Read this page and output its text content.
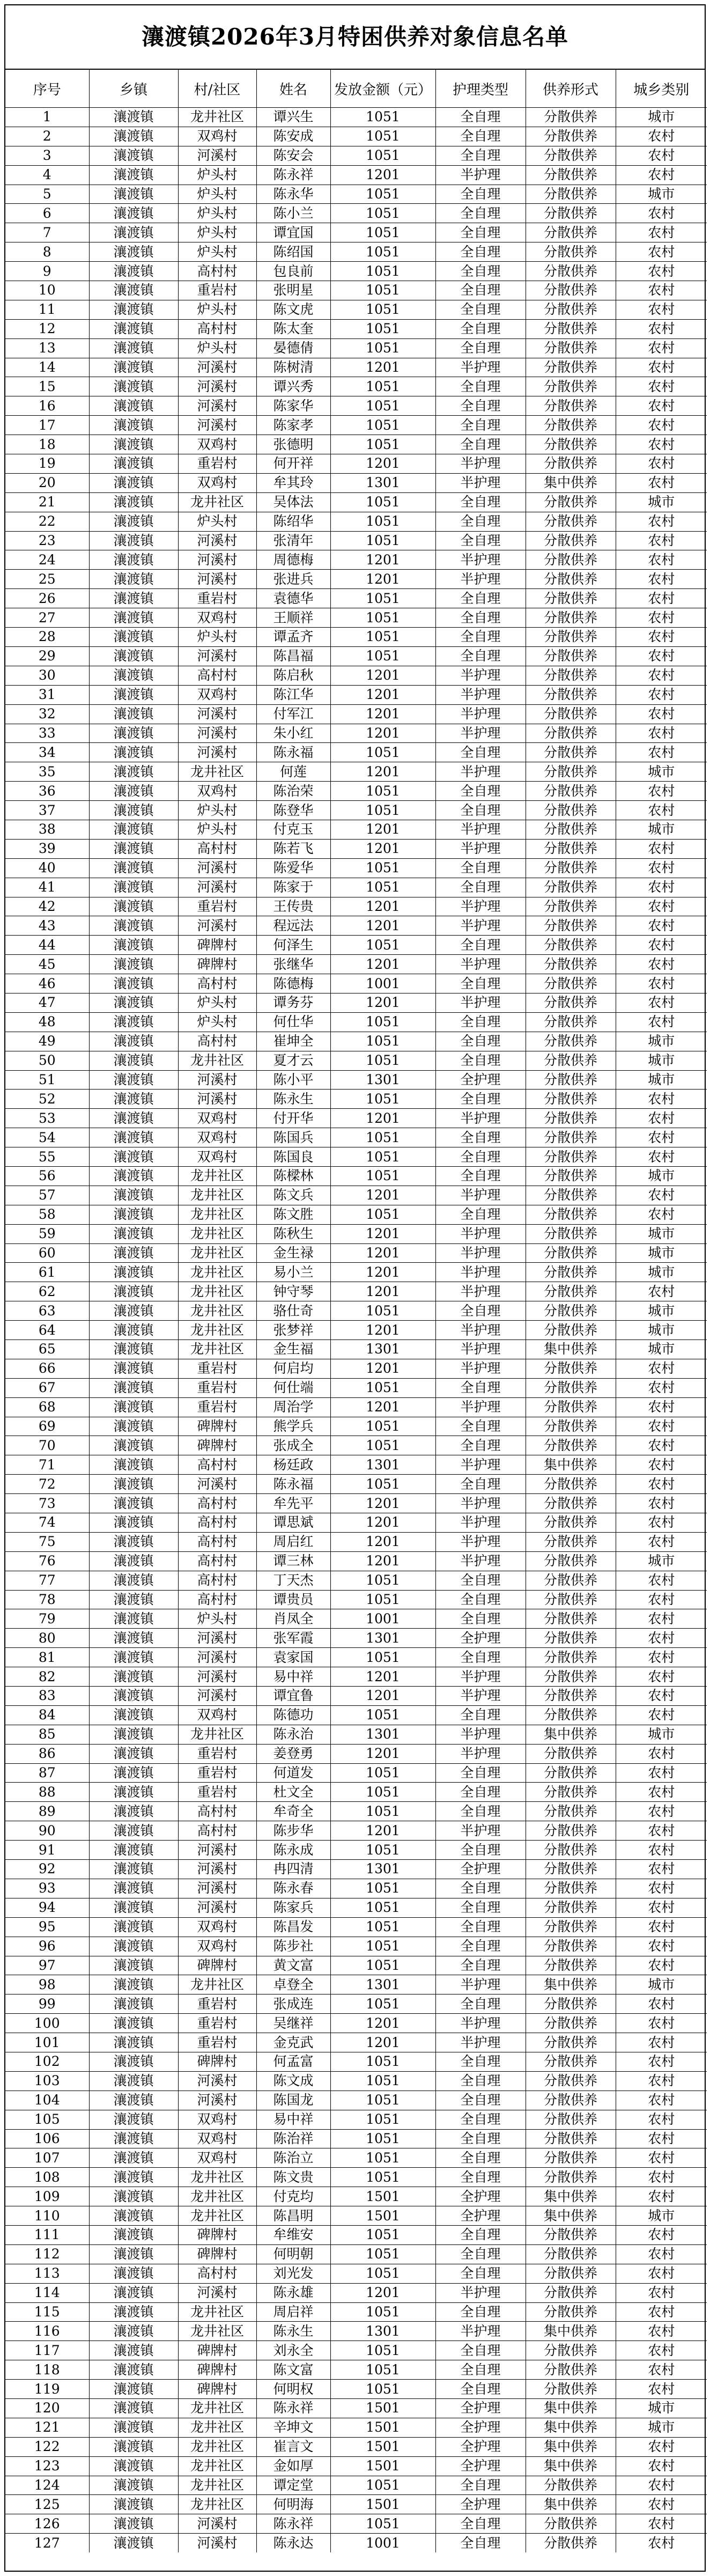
瀼渡镇2026年3月特困供养对象信息名单
序号	乡镇	村/社区	姓名	发放金额（元）	护理类型	供养形式	城乡类别
1	瀼渡镇	龙井社区	谭兴生	1051	全自理	分散供养	城市
2	瀼渡镇	双鸡村	陈安成	1051	全自理	分散供养	农村
3	瀼渡镇	河溪村	陈安会	1051	全自理	分散供养	农村
4	瀼渡镇	炉头村	陈永祥	1201	半护理	分散供养	农村
5	瀼渡镇	炉头村	陈永华	1051	全自理	分散供养	城市
6	瀼渡镇	炉头村	陈小兰	1051	全自理	分散供养	农村
7	瀼渡镇	炉头村	谭宜国	1051	全自理	分散供养	农村
8	瀼渡镇	炉头村	陈绍国	1051	全自理	分散供养	农村
9	瀼渡镇	高村村	包良前	1051	全自理	分散供养	农村
10	瀼渡镇	重岩村	张明星	1051	全自理	分散供养	农村
11	瀼渡镇	炉头村	陈文虎	1051	全自理	分散供养	农村
12	瀼渡镇	高村村	陈太奎	1051	全自理	分散供养	农村
13	瀼渡镇	炉头村	晏德倩	1051	全自理	分散供养	农村
14	瀼渡镇	河溪村	陈树清	1201	半护理	分散供养	农村
15	瀼渡镇	河溪村	谭兴秀	1051	全自理	分散供养	农村
16	瀼渡镇	河溪村	陈家华	1051	全自理	分散供养	农村
17	瀼渡镇	河溪村	陈家孝	1051	全自理	分散供养	农村
18	瀼渡镇	双鸡村	张德明	1051	全自理	分散供养	农村
19	瀼渡镇	重岩村	何开祥	1201	半护理	分散供养	农村
20	瀼渡镇	双鸡村	牟其玲	1301	半护理	集中供养	农村
21	瀼渡镇	龙井社区	吴体法	1051	全自理	分散供养	城市
22	瀼渡镇	炉头村	陈绍华	1051	全自理	分散供养	农村
23	瀼渡镇	河溪村	张清年	1051	全自理	分散供养	农村
24	瀼渡镇	河溪村	周德梅	1201	半护理	分散供养	农村
25	瀼渡镇	河溪村	张进兵	1201	半护理	分散供养	农村
26	瀼渡镇	重岩村	袁德华	1051	全自理	分散供养	农村
27	瀼渡镇	双鸡村	王顺祥	1051	全自理	分散供养	农村
28	瀼渡镇	炉头村	谭孟齐	1051	全自理	分散供养	农村
29	瀼渡镇	河溪村	陈昌福	1051	全自理	分散供养	农村
30	瀼渡镇	高村村	陈启秋	1201	半护理	分散供养	农村
31	瀼渡镇	双鸡村	陈江华	1201	半护理	分散供养	农村
32	瀼渡镇	河溪村	付军江	1201	半护理	分散供养	农村
33	瀼渡镇	河溪村	朱小红	1201	半护理	分散供养	农村
34	瀼渡镇	河溪村	陈永福	1051	全自理	分散供养	农村
35	瀼渡镇	龙井社区	何莲	1201	半护理	分散供养	城市
36	瀼渡镇	双鸡村	陈治荣	1051	全自理	分散供养	农村
37	瀼渡镇	炉头村	陈登华	1051	全自理	分散供养	农村
38	瀼渡镇	炉头村	付克玉	1201	半护理	分散供养	城市
39	瀼渡镇	高村村	陈若飞	1201	半护理	分散供养	农村
40	瀼渡镇	河溪村	陈爱华	1051	全自理	分散供养	农村
41	瀼渡镇	河溪村	陈家于	1051	全自理	分散供养	农村
42	瀼渡镇	重岩村	王传贵	1201	半护理	分散供养	农村
43	瀼渡镇	河溪村	程远法	1201	半护理	分散供养	农村
44	瀼渡镇	碑牌村	何泽生	1051	全自理	分散供养	农村
45	瀼渡镇	碑牌村	张继华	1201	半护理	分散供养	农村
46	瀼渡镇	高村村	陈德梅	1001	全自理	分散供养	农村
47	瀼渡镇	炉头村	谭务芬	1201	半护理	分散供养	农村
48	瀼渡镇	炉头村	何仕华	1051	全自理	分散供养	农村
49	瀼渡镇	高村村	崔坤全	1051	全自理	分散供养	城市
50	瀼渡镇	龙井社区	夏才云	1051	全自理	分散供养	城市
51	瀼渡镇	河溪村	陈小平	1301	全护理	分散供养	城市
52	瀼渡镇	河溪村	陈永生	1051	全自理	分散供养	农村
53	瀼渡镇	双鸡村	付开华	1201	半护理	分散供养	农村
54	瀼渡镇	双鸡村	陈国兵	1051	全自理	分散供养	农村
55	瀼渡镇	双鸡村	陈国良	1051	全自理	分散供养	农村
56	瀼渡镇	龙井社区	陈樑林	1051	全自理	分散供养	城市
57	瀼渡镇	龙井社区	陈文兵	1201	半护理	分散供养	农村
58	瀼渡镇	龙井社区	陈文胜	1051	全自理	分散供养	农村
59	瀼渡镇	龙井社区	陈秋生	1201	半护理	分散供养	城市
60	瀼渡镇	龙井社区	金生禄	1201	半护理	分散供养	城市
61	瀼渡镇	龙井社区	易小兰	1201	半护理	分散供养	城市
62	瀼渡镇	龙井社区	钟守琴	1201	半护理	分散供养	农村
63	瀼渡镇	龙井社区	骆仕奇	1051	全自理	分散供养	城市
64	瀼渡镇	龙井社区	张梦祥	1201	半护理	分散供养	城市
65	瀼渡镇	龙井社区	金生福	1301	半护理	集中供养	城市
66	瀼渡镇	重岩村	何启均	1201	半护理	分散供养	农村
67	瀼渡镇	重岩村	何仕端	1051	全自理	分散供养	农村
68	瀼渡镇	重岩村	周治学	1201	半护理	分散供养	农村
69	瀼渡镇	碑牌村	熊学兵	1051	全自理	分散供养	农村
70	瀼渡镇	碑牌村	张成全	1051	全自理	分散供养	农村
71	瀼渡镇	高村村	杨廷政	1301	半护理	集中供养	农村
72	瀼渡镇	河溪村	陈永福	1051	全自理	分散供养	农村
73	瀼渡镇	高村村	牟先平	1201	半护理	分散供养	农村
74	瀼渡镇	高村村	谭思斌	1201	半护理	分散供养	农村
75	瀼渡镇	高村村	周启红	1201	半护理	分散供养	农村
76	瀼渡镇	高村村	谭三林	1201	半护理	分散供养	城市
77	瀼渡镇	高村村	丁天杰	1051	全自理	分散供养	农村
78	瀼渡镇	高村村	谭贵员	1051	全自理	分散供养	农村
79	瀼渡镇	炉头村	肖凤全	1001	全自理	分散供养	农村
80	瀼渡镇	河溪村	张军霞	1301	全护理	分散供养	农村
81	瀼渡镇	河溪村	袁家国	1051	全自理	分散供养	农村
82	瀼渡镇	河溪村	易中祥	1201	半护理	分散供养	农村
83	瀼渡镇	河溪村	谭宜鲁	1201	半护理	分散供养	农村
84	瀼渡镇	双鸡村	陈德功	1051	全自理	分散供养	农村
85	瀼渡镇	龙井社区	陈永治	1301	半护理	集中供养	城市
86	瀼渡镇	重岩村	姜登勇	1201	半护理	分散供养	农村
87	瀼渡镇	重岩村	何道发	1051	全自理	分散供养	农村
88	瀼渡镇	重岩村	杜文全	1051	全自理	分散供养	农村
89	瀼渡镇	高村村	牟奇全	1051	全自理	分散供养	农村
90	瀼渡镇	高村村	陈步华	1201	半护理	分散供养	农村
91	瀼渡镇	河溪村	陈永成	1051	全自理	分散供养	农村
92	瀼渡镇	河溪村	冉四清	1301	全护理	分散供养	农村
93	瀼渡镇	河溪村	陈永春	1051	全自理	分散供养	农村
94	瀼渡镇	河溪村	陈家兵	1051	全自理	分散供养	农村
95	瀼渡镇	双鸡村	陈昌发	1051	全自理	分散供养	农村
96	瀼渡镇	双鸡村	陈步社	1051	全自理	分散供养	农村
97	瀼渡镇	碑牌村	黄文富	1051	全自理	分散供养	农村
98	瀼渡镇	龙井社区	卓登全	1301	半护理	集中供养	城市
99	瀼渡镇	重岩村	张成连	1051	全自理	分散供养	农村
100	瀼渡镇	重岩村	吴继祥	1201	半护理	分散供养	农村
101	瀼渡镇	重岩村	金克武	1201	半护理	分散供养	农村
102	瀼渡镇	碑牌村	何孟富	1051	全自理	分散供养	农村
103	瀼渡镇	河溪村	陈文成	1051	全自理	分散供养	农村
104	瀼渡镇	河溪村	陈国龙	1051	全自理	分散供养	农村
105	瀼渡镇	双鸡村	易中祥	1051	全自理	分散供养	农村
106	瀼渡镇	双鸡村	陈治祥	1051	全自理	分散供养	农村
107	瀼渡镇	双鸡村	陈治立	1051	全自理	分散供养	农村
108	瀼渡镇	龙井社区	陈文贵	1051	全自理	分散供养	农村
109	瀼渡镇	龙井社区	付克均	1501	全护理	集中供养	农村
110	瀼渡镇	龙井社区	陈昌明	1501	全护理	集中供养	城市
111	瀼渡镇	碑牌村	牟维安	1051	全自理	分散供养	农村
112	瀼渡镇	碑牌村	何明朝	1051	全自理	分散供养	农村
113	瀼渡镇	高村村	刘光发	1051	全自理	分散供养	农村
114	瀼渡镇	河溪村	陈永雄	1201	半护理	分散供养	农村
115	瀼渡镇	龙井社区	周启祥	1051	全自理	分散供养	农村
116	瀼渡镇	龙井社区	陈永生	1301	半护理	集中供养	农村
117	瀼渡镇	碑牌村	刘永全	1051	全自理	分散供养	农村
118	瀼渡镇	碑牌村	陈文富	1051	全自理	分散供养	农村
119	瀼渡镇	碑牌村	何明权	1051	全自理	分散供养	农村
120	瀼渡镇	龙井社区	陈永祥	1501	全护理	集中供养	城市
121	瀼渡镇	龙井社区	辛坤文	1501	全护理	集中供养	城市
122	瀼渡镇	龙井社区	崔言文	1501	全护理	集中供养	农村
123	瀼渡镇	龙井社区	金如厚	1501	全护理	集中供养	农村
124	瀼渡镇	龙井社区	谭定堂	1051	全自理	分散供养	农村
125	瀼渡镇	龙井社区	何明海	1501	全护理	集中供养	农村
126	瀼渡镇	河溪村	陈永祥	1051	全自理	分散供养	农村
127	瀼渡镇	河溪村	陈永达	1001	全自理	分散供养	农村
